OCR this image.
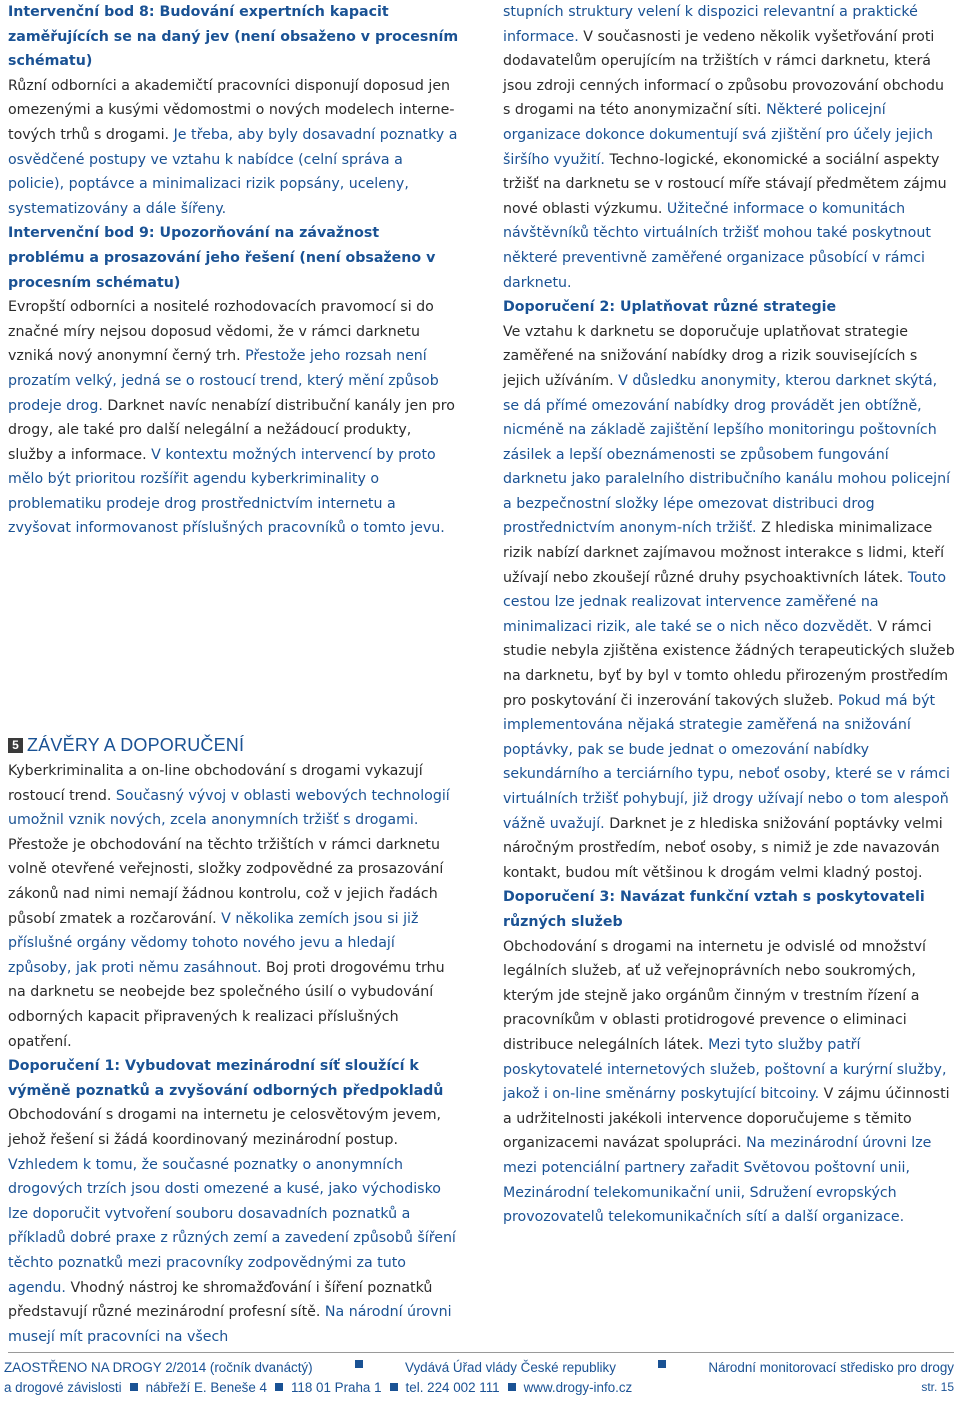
Intervenční bod 8: Budování expertních kapacit zaměřujících se na daný jev (není obsaženo v procesním schématu)

Různí odborníci a akademičtí pracovníci disponují doposud jen omezenými a kusými vědomostmi o nových modelech interne-tových trhů s drogami. Je třeba, aby byly dosavadní poznatky a osvědčené postupy ve vztahu k nabídce (celní správa a policie), poptávce a minimalizaci rizik popsány, uceleny, systematizovány a dále šířeny.

Intervenční bod 9: Upozorňování na závažnost problému a prosazování jeho řešení (není obsaženo v procesním schématu)

Evropští odborníci a nositelé rozhodovacích pravomocí si do značné míry nejsou doposud vědomi, že v rámci darknetu vzniká nový anonymní černý trh. Přestože jeho rozsah není prozatím velký, jedná se o rostoucí trend, který mění způsob prodeje drog. Darknet navíc nenabízí distribuční kanály jen pro drogy, ale také pro další nelegální a nežádoucí produkty, služby a informace. V kontextu možných intervencí by proto mělo být prioritou rozšířit agendu kyberkriminality o problematiku prodeje drog prostřednictvím internetu a zvyšovat informovanost příslušných pracovníků o tomto jevu.

5 ZÁVĚRY A DOPORUČENÍ

Kyberkriminalita a on-line obchodování s drogami vykazují rostoucí trend. Současný vývoj v oblasti webových technologií umožnil vznik nových, zcela anonymních tržišť s drogami. Přestože je obchodování na těchto tržištích v rámci darknetu volně otevřené veřejnosti, složky zodpovědné za prosazování zákonů nad nimi nemají žádnou kontrolu, což v jejich řadách působí zmatek a rozčarování. V několika zemích jsou si již příslušné orgány vědomy tohoto nového jevu a hledají způsoby, jak proti němu zasáhnout. Boj proti drogovému trhu na darknetu se neobejde bez společného úsilí o vybudování odborných kapacit připravených k realizaci příslušných opatření.

Doporučení 1: Vybudovat mezinárodní síť sloužící k výměně poznatků a zvyšování odborných předpokladů

Obchodování s drogami na internetu je celosvětovým jevem, jehož řešení si žádá koordinovaný mezinárodní postup. Vzhledem k tomu, že současné poznatky o anonymních drogových trzích jsou dosti omezené a kusé, jako východisko lze doporučit vytvoření souboru dosavadních poznatků a příkladů dobré praxe z různých zemí a zavedení způsobů šíření těchto poznatků mezi pracovníky zodpovědnými za tuto agendu. Vhodný nástroj ke shromažďování i šíření poznatků představují různé mezinárodní profesní sítě. Na národní úrovni musejí mít pracovníci na všech

stupních struktury velení k dispozici relevantní a praktické informace. V současnosti je vedeno několik vyšetřování proti dodavatelům operujícím na tržištích v rámci darknetu, která jsou zdroji cenných informací o způsobu provozování obchodu s drogami na této anonymizační síti. Některé policejní organizace dokonce dokumentují svá zjištění pro účely jejich širšího využití. Techno-logické, ekonomické a sociální aspekty tržišť na darknetu se v rostoucí míře stávají předmětem zájmu nové oblasti výzkumu. Užitečné informace o komunitách návštěvníků těchto virtuálních tržišť mohou také poskytnout některé preventivně zaměřené organizace působící v rámci darknetu.

Doporučení 2: Uplatňovat různé strategie

Ve vztahu k darknetu se doporučuje uplatňovat strategie zaměřené na snižování nabídky drog a rizik souvisejících s jejich užíváním. V důsledku anonymity, kterou darknet skýtá, se dá přímé omezování nabídky drog provádět jen obtížně, nicméně na základě zajištění lepšího monitoringu poštovních zásilek a lepší obeznámenosti se způsobem fungování darknetu jako paralelního distribučního kanálu mohou policejní a bezpečnostní složky lépe omezovat distribuci drog prostřednictvím anonym-ních tržišť. Z hlediska minimalizace rizik nabízí darknet zajímavou možnost interakce s lidmi, kteří užívají nebo zkoušejí různé druhy psychoaktivních látek. Touto cestou lze jednak realizovat intervence zaměřené na minimalizaci rizik, ale také se o nich něco dozvědět. V rámci studie nebyla zjištěna existence žádných terapeutických služeb na darknetu, byť by byl v tomto ohledu přirozeným prostředím pro poskytování či inzerování takových služeb. Pokud má být implementována nějaká strategie zaměřená na snižování poptávky, pak se bude jednat o omezování nabídky sekundárního a terciárního typu, neboť osoby, které se v rámci virtuálních tržišť pohybují, již drogy užívají nebo o tom alespoň vážně uvažují. Darknet je z hlediska snižování poptávky velmi náročným prostředím, neboť osoby, s nimiž je zde navazován kontakt, budou mít většinou k drogám velmi kladný postoj.

Doporučení 3: Navázat funkční vztah s poskytovateli různých služeb

Obchodování s drogami na internetu je odvislé od množství legálních služeb, ať už veřejnoprávních nebo soukromých, kterým jde stejně jako orgánům činným v trestním řízení a pracovníkům v oblasti protidrogové prevence o eliminaci distribuce nelegálních látek. Mezi tyto služby patří poskytovatelé internetových služeb, poštovní a kurýrní služby, jakož i on-line směnárny poskytující bitcoiny. V zájmu účinnosti a udržitelnosti jakékoli intervence doporučujeme s těmito organizacemi navázat spolupráci. Na mezinárodní úrovni lze mezi potenciální partnery zařadit Světovou poštovní unii, Mezinárodní telekomunikační unii, Sdružení evropských provozovatelů telekomunikačních sítí a další organizace.

ZAOSTŘENO NA DROGY 2/2014 (ročník dvanáctý)	Vydává Úřad vlády České republiky	Národní monitorovací středisko pro drogy
a drogové závislosti nábřeží E. Beneše 4 118 01 Praha 1 tel. 224 002 111 www.drogy-info.cz	str. 15
